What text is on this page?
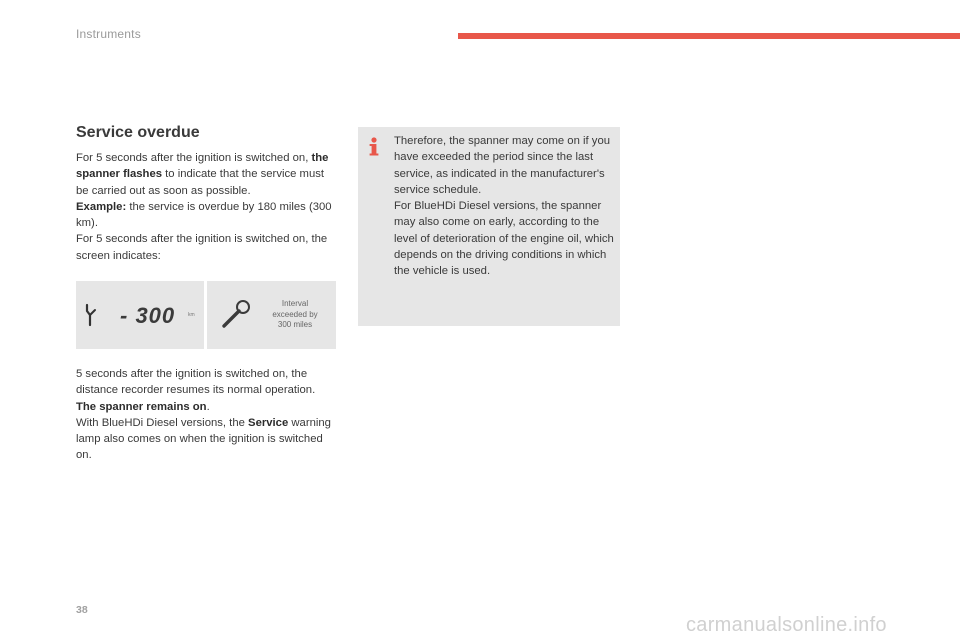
Instruments
Service overdue

For 5 seconds after the ignition is switched on, the spanner flashes to indicate that the service must be carried out as soon as possible.

Example: the service is overdue by 180 miles (300 km).

For 5 seconds after the ignition is switched on, the screen indicates:

- 300	km
Interval
exceeded by
300 miles

5 seconds after the ignition is switched on, the distance recorder resumes its normal operation. The spanner remains on.

With BlueHDi Diesel versions, the Service warning lamp also comes on when the ignition is switched on.

Therefore, the spanner may come on if you have exceeded the period since the last service, as indicated in the manufacturer's service schedule.

For BlueHDi Diesel versions, the spanner may also come on early, according to the level of deterioration of the engine oil, which depends on the driving conditions in which the vehicle is used.

38
carmanualsonline.info
